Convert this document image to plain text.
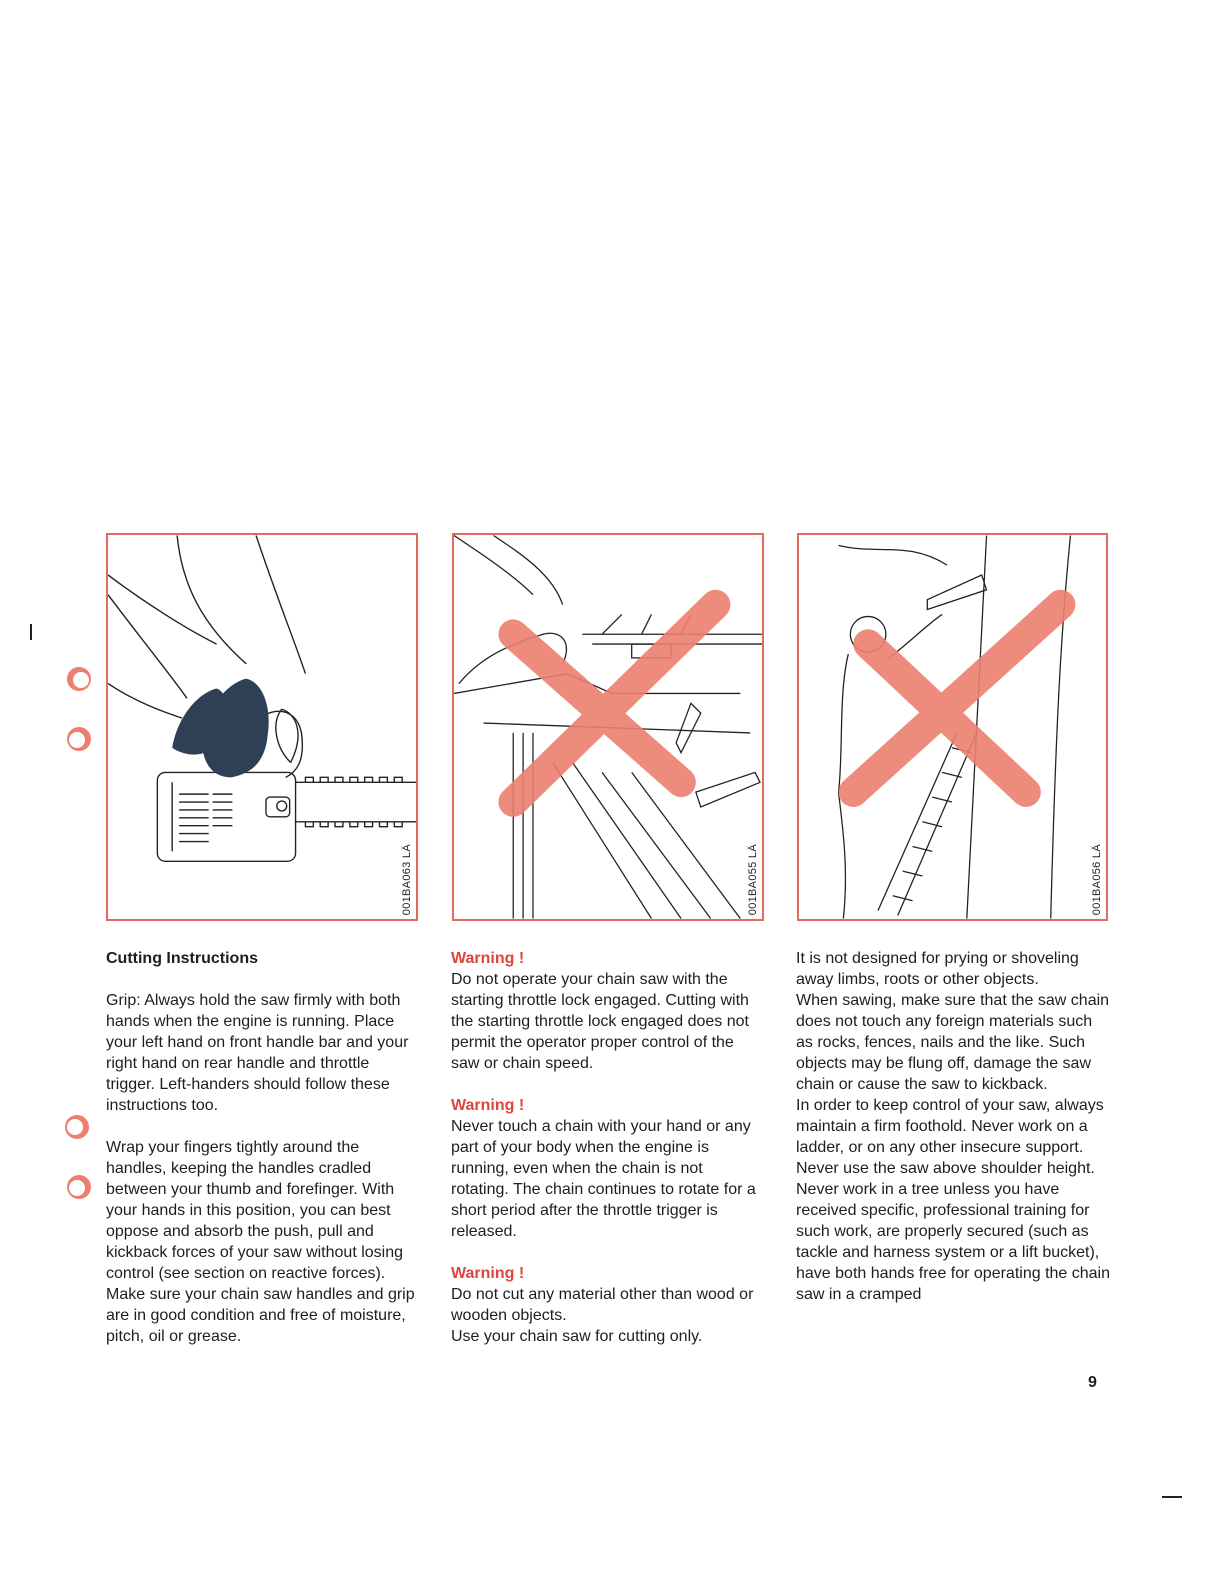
001BA063 LÄ	001BA055 LÄ	001BA056 LÄ

Cutting Instructions

Grip: Always hold the saw firmly with both hands when the engine is running. Place your left hand on front handle bar and your right hand on rear handle and throttle trigger. Left-handers should follow these instructions too.

Wrap your fingers tightly around the handles, keeping the handles cradled between your thumb and forefinger. With your hands in this position, you can best oppose and absorb the push, pull and kickback forces of your saw without losing control (see section on reactive forces). Make sure your chain saw handles and grip are in good condition and free of moisture, pitch, oil or grease.

Warning !

Do not operate your chain saw with the starting throttle lock engaged. Cutting with the starting throttle lock engaged does not permit the operator proper control of the saw or chain speed.

Warning !

Never touch a chain with your hand or any part of your body when the engine is running, even when the chain is not rotating. The chain continues to rotate for a short period after the throttle trigger is released.

Warning !

Do not cut any material other than wood or wooden objects.

Use your chain saw for cutting only.

It is not designed for prying or shoveling away limbs, roots or other objects.

When sawing, make sure that the saw chain does not touch any foreign materials such as rocks, fences, nails and the like. Such objects may be flung off, damage the saw chain or cause the saw to kickback.

In order to keep control of your saw, always maintain a firm foothold. Never work on a ladder, or on any other insecure support. Never use the saw above shoulder height.

Never work in a tree unless you have received specific, professional training for such work, are properly secured (such as tackle and harness system or a lift bucket), have both hands free for operating the chain saw in a cramped

9
